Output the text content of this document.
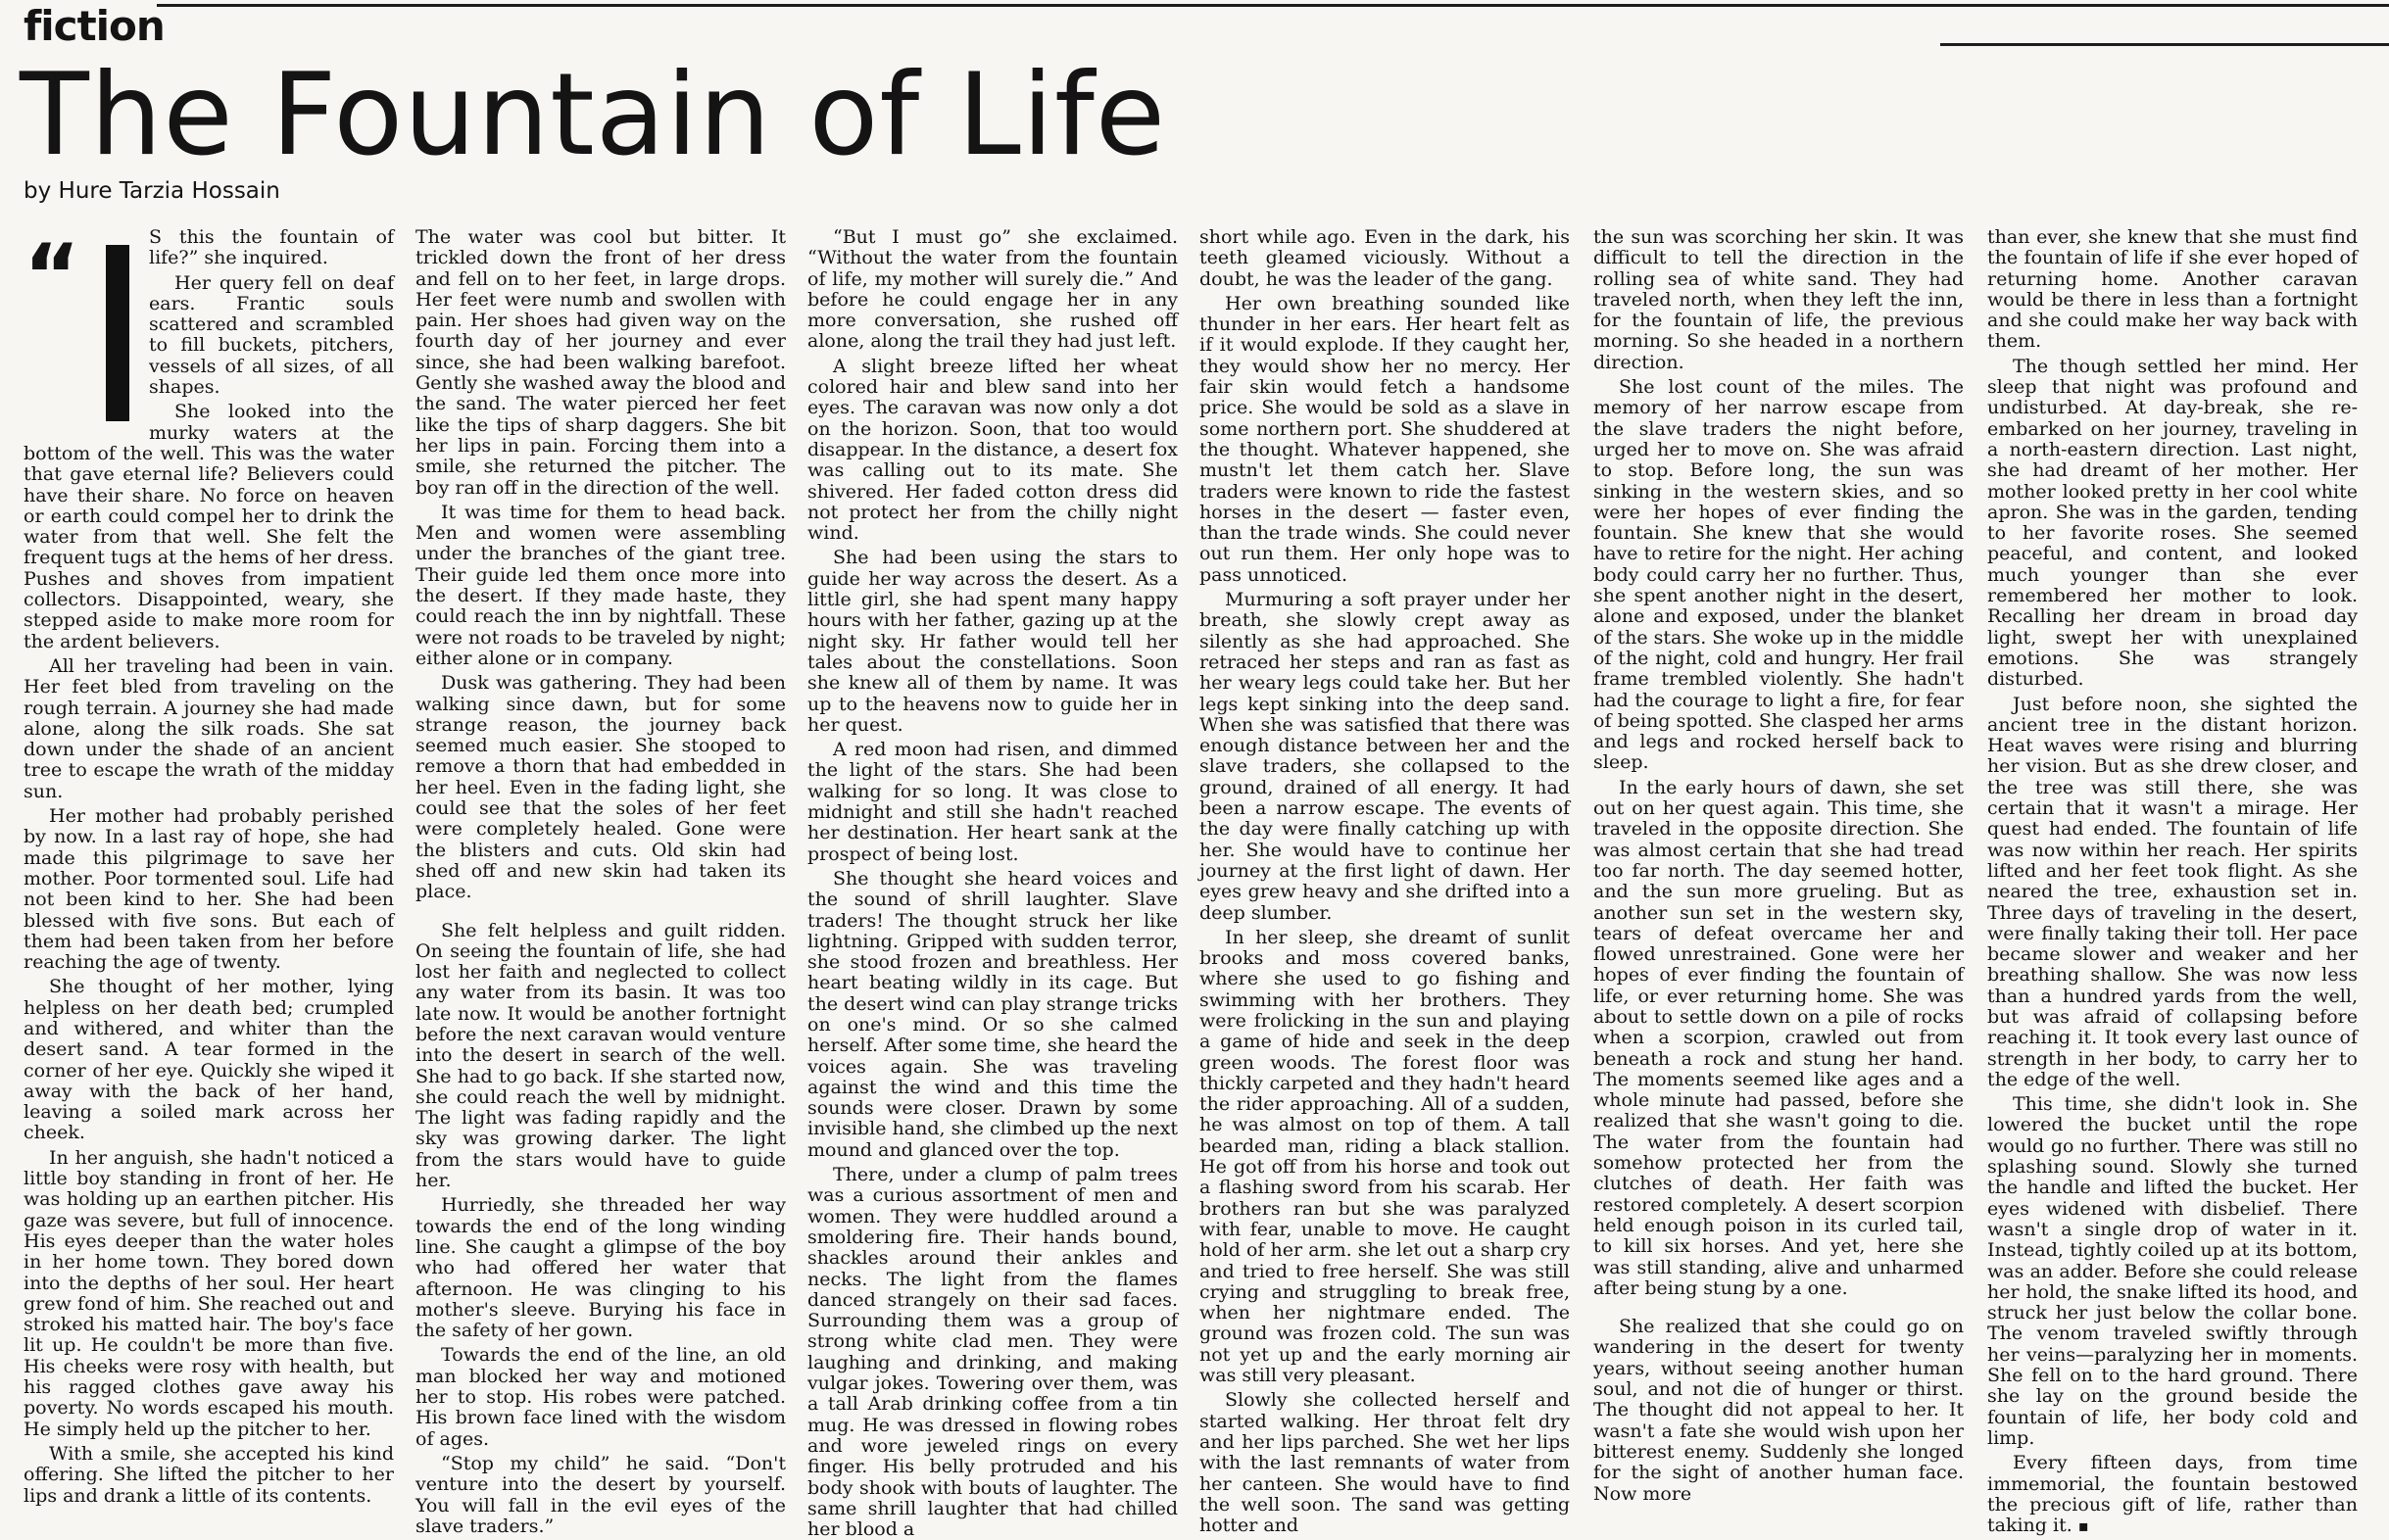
fiction
The Fountain of Life

by Hure Tarzia Hossain

“	S this the fountain of life?” she inquired.

Her query fell on deaf ears. Frantic souls scattered and scrambled to fill buckets, pitchers, vessels of all sizes, of all shapes.

She looked into the murky waters at the bottom of the well. This was the water that gave eternal life? Believers could have their share. No force on heaven or earth could compel her to drink the water from that well. She felt the frequent tugs at the hems of her dress. Pushes and shoves from impatient collectors. Disappointed, weary, she stepped aside to make more room for the ardent believers.

All her traveling had been in vain. Her feet bled from traveling on the rough terrain. A journey she had made alone, along the silk roads. She sat down under the shade of an ancient tree to escape the wrath of the midday sun.

Her mother had probably perished by now. In a last ray of hope, she had made this pilgrimage to save her mother. Poor tormented soul. Life had not been kind to her. She had been blessed with five sons. But each of them had been taken from her before reaching the age of twenty.

She thought of her mother, lying helpless on her death bed; crumpled and withered, and whiter than the desert sand. A tear formed in the corner of her eye. Quickly she wiped it away with the back of her hand, leaving a soiled mark across her cheek.

In her anguish, she hadn't noticed a little boy standing in front of her. He was holding up an earthen pitcher. His gaze was severe, but full of innocence. His eyes deeper than the water holes in her home town. They bored down into the depths of her soul. Her heart grew fond of him. She reached out and stroked his matted hair. The boy's face lit up. He couldn't be more than five. His cheeks were rosy with health, but his ragged clothes gave away his poverty. No words escaped his mouth. He simply held up the pitcher to her.

With a smile, she accepted his kind offering. She lifted the pitcher to her lips and drank a little of its contents.

The water was cool but bitter. It trickled down the front of her dress and fell on to her feet, in large drops. Her feet were numb and swollen with pain. Her shoes had given way on the fourth day of her journey and ever since, she had been walking barefoot. Gently she washed away the blood and the sand. The water pierced her feet like the tips of sharp daggers. She bit her lips in pain. Forcing them into a smile, she returned the pitcher. The boy ran off in the direction of the well.

It was time for them to head back. Men and women were assembling under the branches of the giant tree. Their guide led them once more into the desert. If they made haste, they could reach the inn by nightfall. These were not roads to be traveled by night; either alone or in company.

Dusk was gathering. They had been walking since dawn, but for some strange reason, the journey back seemed much easier. She stooped to remove a thorn that had embedded in her heel. Even in the fading light, she could see that the soles of her feet were completely healed. Gone were the blisters and cuts. Old skin had shed off and new skin had taken its place.

She felt helpless and guilt ridden. On seeing the fountain of life, she had lost her faith and neglected to collect any water from its basin. It was too late now. It would be another fortnight before the next caravan would venture into the desert in search of the well. She had to go back. If she started now, she could reach the well by midnight. The light was fading rapidly and the sky was growing darker. The light from the stars would have to guide her.

Hurriedly, she threaded her way towards the end of the long winding line. She caught a glimpse of the boy who had offered her water that afternoon. He was clinging to his mother's sleeve. Burying his face in the safety of her gown.

Towards the end of the line, an old man blocked her way and motioned her to stop. His robes were patched. His brown face lined with the wisdom of ages.

“Stop my child” he said. “Don't venture into the desert by yourself. You will fall in the evil eyes of the slave traders.”

“But I must go” she exclaimed. “Without the water from the fountain of life, my mother will surely die.” And before he could engage her in any more conversation, she rushed off alone, along the trail they had just left.

A slight breeze lifted her wheat colored hair and blew sand into her eyes. The caravan was now only a dot on the horizon. Soon, that too would disappear. In the distance, a desert fox was calling out to its mate. She shivered. Her faded cotton dress did not protect her from the chilly night wind.

She had been using the stars to guide her way across the desert. As a little girl, she had spent many happy hours with her father, gazing up at the night sky. Hr father would tell her tales about the constellations. Soon she knew all of them by name. It was up to the heavens now to guide her in her quest.

A red moon had risen, and dimmed the light of the stars. She had been walking for so long. It was close to midnight and still she hadn't reached her destination. Her heart sank at the prospect of being lost.

She thought she heard voices and the sound of shrill laughter. Slave traders! The thought struck her like lightning. Gripped with sudden terror, she stood frozen and breathless. Her heart beating wildly in its cage. But the desert wind can play strange tricks on one's mind. Or so she calmed herself. After some time, she heard the voices again. She was traveling against the wind and this time the sounds were closer. Drawn by some invisible hand, she climbed up the next mound and glanced over the top.

There, under a clump of palm trees was a curious assortment of men and women. They were huddled around a smoldering fire. Their hands bound, shackles around their ankles and necks. The light from the flames danced strangely on their sad faces. Surrounding them was a group of strong white clad men. They were laughing and drinking, and making vulgar jokes. Towering over them, was a tall Arab drinking coffee from a tin mug. He was dressed in flowing robes and wore jeweled rings on every finger. His belly protruded and his body shook with bouts of laughter. The same shrill laughter that had chilled her blood a

short while ago. Even in the dark, his teeth gleamed viciously. Without a doubt, he was the leader of the gang.

Her own breathing sounded like thunder in her ears. Her heart felt as if it would explode. If they caught her, they would show her no mercy. Her fair skin would fetch a handsome price. She would be sold as a slave in some northern port. She shuddered at the thought. Whatever happened, she mustn't let them catch her. Slave traders were known to ride the fastest horses in the desert — faster even, than the trade winds. She could never out run them. Her only hope was to pass unnoticed.

Murmuring a soft prayer under her breath, she slowly crept away as silently as she had approached. She retraced her steps and ran as fast as her weary legs could take her. But her legs kept sinking into the deep sand. When she was satisfied that there was enough distance between her and the slave traders, she collapsed to the ground, drained of all energy. It had been a narrow escape. The events of the day were finally catching up with her. She would have to continue her journey at the first light of dawn. Her eyes grew heavy and she drifted into a deep slumber.

In her sleep, she dreamt of sunlit brooks and moss covered banks, where she used to go fishing and swimming with her brothers. They were frolicking in the sun and playing a game of hide and seek in the deep green woods. The forest floor was thickly carpeted and they hadn't heard the rider approaching. All of a sudden, he was almost on top of them. A tall bearded man, riding a black stallion. He got off from his horse and took out a flashing sword from his scarab. Her brothers ran but she was paralyzed with fear, unable to move. He caught hold of her arm. she let out a sharp cry and tried to free herself. She was still crying and struggling to break free, when her nightmare ended. The ground was frozen cold. The sun was not yet up and the early morning air was still very pleasant.

Slowly she collected herself and started walking. Her throat felt dry and her lips parched. She wet her lips with the last remnants of water from her canteen. She would have to find the well soon. The sand was getting hotter and

the sun was scorching her skin. It was difficult to tell the direction in the rolling sea of white sand. They had traveled north, when they left the inn, for the fountain of life, the previous morning. So she headed in a northern direction.

She lost count of the miles. The memory of her narrow escape from the slave traders the night before, urged her to move on. She was afraid to stop. Before long, the sun was sinking in the western skies, and so were her hopes of ever finding the fountain. She knew that she would have to retire for the night. Her aching body could carry her no further. Thus, she spent another night in the desert, alone and exposed, under the blanket of the stars. She woke up in the middle of the night, cold and hungry. Her frail frame trembled violently. She hadn't had the courage to light a fire, for fear of being spotted. She clasped her arms and legs and rocked herself back to sleep.

In the early hours of dawn, she set out on her quest again. This time, she traveled in the opposite direction. She was almost certain that she had tread too far north. The day seemed hotter, and the sun more grueling. But as another sun set in the western sky, tears of defeat overcame her and flowed unrestrained. Gone were her hopes of ever finding the fountain of life, or ever returning home. She was about to settle down on a pile of rocks when a scorpion, crawled out from beneath a rock and stung her hand. The moments seemed like ages and a whole minute had passed, before she realized that she wasn't going to die. The water from the fountain had somehow protected her from the clutches of death. Her faith was restored completely. A desert scorpion held enough poison in its curled tail, to kill six horses. And yet, here she was still standing, alive and unharmed after being stung by a one.

She realized that she could go on wandering in the desert for twenty years, without seeing another human soul, and not die of hunger or thirst. The thought did not appeal to her. It wasn't a fate she would wish upon her bitterest enemy. Suddenly she longed for the sight of another human face. Now more

than ever, she knew that she must find the fountain of life if she ever hoped of returning home. Another caravan would be there in less than a fortnight and she could make her way back with them.

The though settled her mind. Her sleep that night was profound and undisturbed. At day-break, she re-embarked on her journey, traveling in a north-eastern direction. Last night, she had dreamt of her mother. Her mother looked pretty in her cool white apron. She was in the garden, tending to her favorite roses. She seemed peaceful, and content, and looked much younger than she ever remembered her mother to look. Recalling her dream in broad day light, swept her with unexplained emotions. She was strangely disturbed.

Just before noon, she sighted the ancient tree in the distant horizon. Heat waves were rising and blurring her vision. But as she drew closer, and the tree was still there, she was certain that it wasn't a mirage. Her quest had ended. The fountain of life was now within her reach. Her spirits lifted and her feet took flight. As she neared the tree, exhaustion set in. Three days of traveling in the desert, were finally taking their toll. Her pace became slower and weaker and her breathing shallow. She was now less than a hundred yards from the well, but was afraid of collapsing before reaching it. It took every last ounce of strength in her body, to carry her to the edge of the well.

This time, she didn't look in. She lowered the bucket until the rope would go no further. There was still no splashing sound. Slowly she turned the handle and lifted the bucket. Her eyes widened with disbelief. There wasn't a single drop of water in it. Instead, tightly coiled up at its bottom, was an adder. Before she could release her hold, the snake lifted its hood, and struck her just below the collar bone. The venom traveled swiftly through her veins—paralyzing her in moments. She fell on to the hard ground. There she lay on the ground beside the fountain of life, her body cold and limp.

Every fifteen days, from time immemorial, the fountain bestowed the precious gift of life, rather than taking it. ▪
